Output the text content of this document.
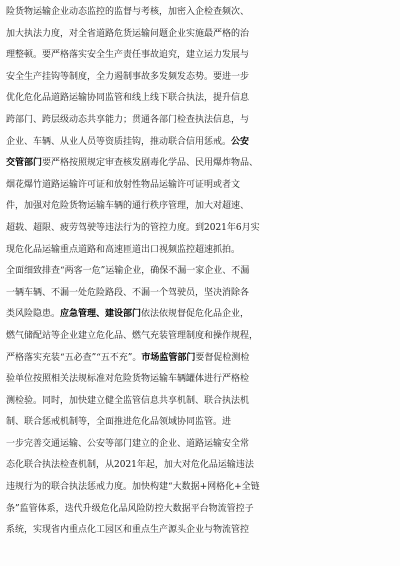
险货物运输企业动态监控的监督与考核，加密入企检查频次、
加大执法力度，对全省道路危货运输问题企业实施最严格的治
理整顿。要严格落实安全生产责任事故追究，建立运力发展与
安全生产挂钩等制度，全力遏制事故多发频发态势。要进一步
优化危化品道路运输协同监管和线上线下联合执法，提升信息
跨部门、跨层级动态共享能力；贯通各部门检查执法信息，与
企业、车辆、从业人员等资质挂钩，推动联合信用惩戒。公安
交管部门要严格按照规定审查核发剧毒化学品、民用爆炸物品、
烟花爆竹道路运输许可证和放射性物品运输许可证明或者文
件，加强对危险货物运输车辆的通行秩序管理，加大对超速、
超载、超限、疲劳驾驶等违法行为的管控力度。到2021年6月实
现危化品运输重点道路和高速匝道出口视频监控超速抓拍。
全面细致排查“两客一危”运输企业，确保不漏一家企业、不漏
一辆车辆、不漏一处危险路段、不漏一个驾驶员，坚决消除各
类风险隐患。应急管理、建设部门依法依规督促危化品企业，
燃气储配站等企业建立危化品、燃气充装管理制度和操作规程，
严格落实充装“五必查”“五不充”。市场监管部门要督促检测检
验单位按照相关法规标准对危险货物运输车辆罐体进行严格检
测检验。同时，加快建立健全监管信息共享机制、联合执法机
制、联合惩戒机制等，全面推进危化品领域协同监管。进
一步完善交通运输、公安等部门建立的企业、道路运输安全常
态化联合执法检查机制，从2021年起，加大对危化品运输违法
违规行为的联合执法惩戒力度。加快构建“大数据+网格化+全链
条”监管体系，迭代升级危化品风险防控大数据平台物流管控子
系统，实现省内重点化工园区和重点生产源头企业与物流管控
